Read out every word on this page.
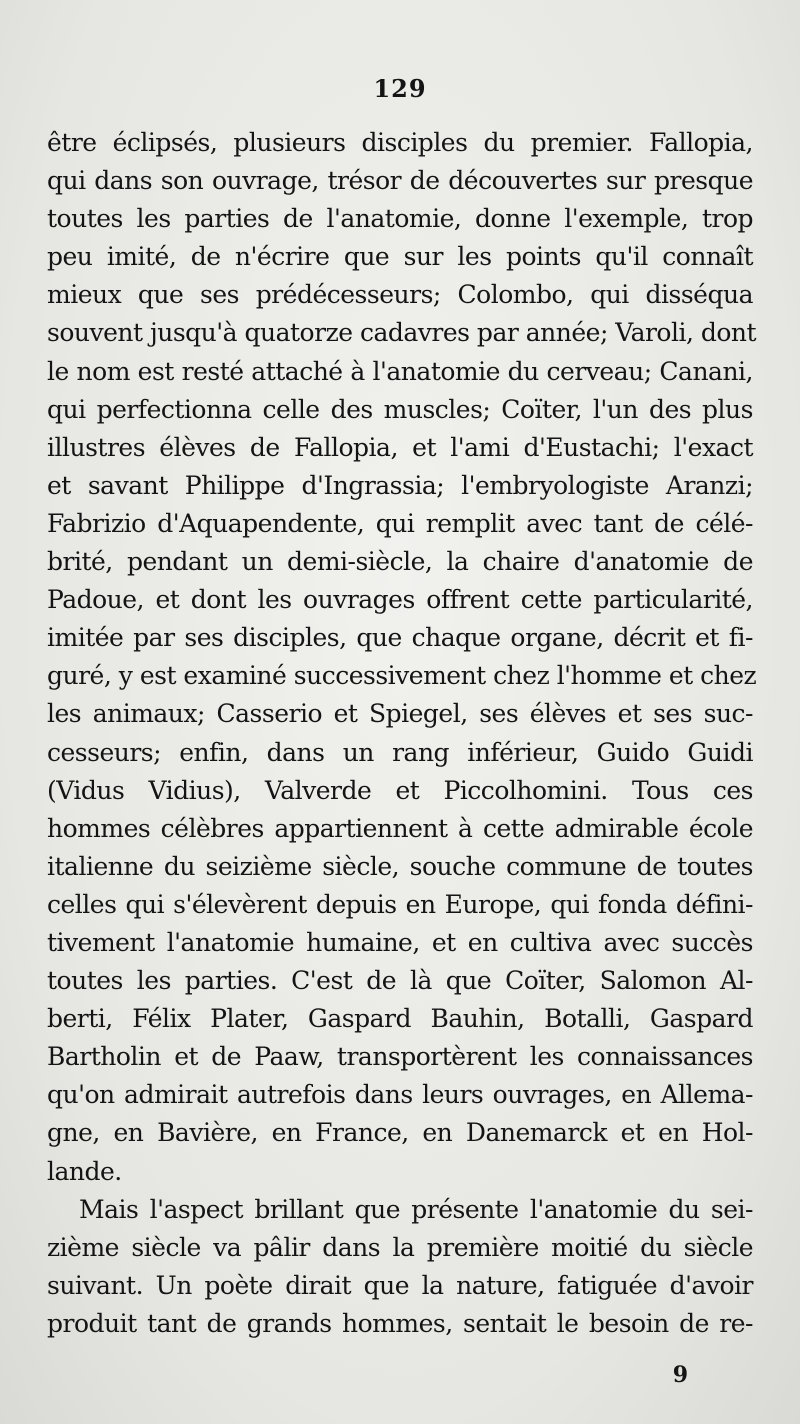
129
être éclipsés, plusieurs disciples du premier. Fallopia,
qui dans son ouvrage, trésor de découvertes sur presque
toutes les parties de l'anatomie, donne l'exemple, trop
peu imité, de n'écrire que sur les points qu'il connaît
mieux que ses prédécesseurs; Colombo, qui disséqua
souvent jusqu'à quatorze cadavres par année; Varoli, dont
le nom est resté attaché à l'anatomie du cerveau; Canani,
qui perfectionna celle des muscles; Coïter, l'un des plus
illustres élèves de Fallopia, et l'ami d'Eustachi; l'exact
et savant Philippe d'Ingrassia; l'embryologiste Aranzi;
Fabrizio d'Aquapendente, qui remplit avec tant de célé-
brité, pendant un demi-siècle, la chaire d'anatomie de
Padoue, et dont les ouvrages offrent cette particularité,
imitée par ses disciples, que chaque organe, décrit et fi-
guré, y est examiné successivement chez l'homme et chez
les animaux; Casserio et Spiegel, ses élèves et ses suc-
cesseurs; enfin, dans un rang inférieur, Guido Guidi
(Vidus Vidius), Valverde et Piccolhomini. Tous ces
hommes célèbres appartiennent à cette admirable école
italienne du seizième siècle, souche commune de toutes
celles qui s'élevèrent depuis en Europe, qui fonda défini-
tivement l'anatomie humaine, et en cultiva avec succès
toutes les parties. C'est de là que Coïter, Salomon Al-
berti, Félix Plater, Gaspard Bauhin, Botalli, Gaspard
Bartholin et de Paaw, transportèrent les connaissances
qu'on admirait autrefois dans leurs ouvrages, en Allema-
gne, en Bavière, en France, en Danemarck et en Hol-
lande.
Mais l'aspect brillant que présente l'anatomie du sei-
zième siècle va pâlir dans la première moitié du siècle
suivant. Un poète dirait que la nature, fatiguée d'avoir
produit tant de grands hommes, sentait le besoin de re-
9
